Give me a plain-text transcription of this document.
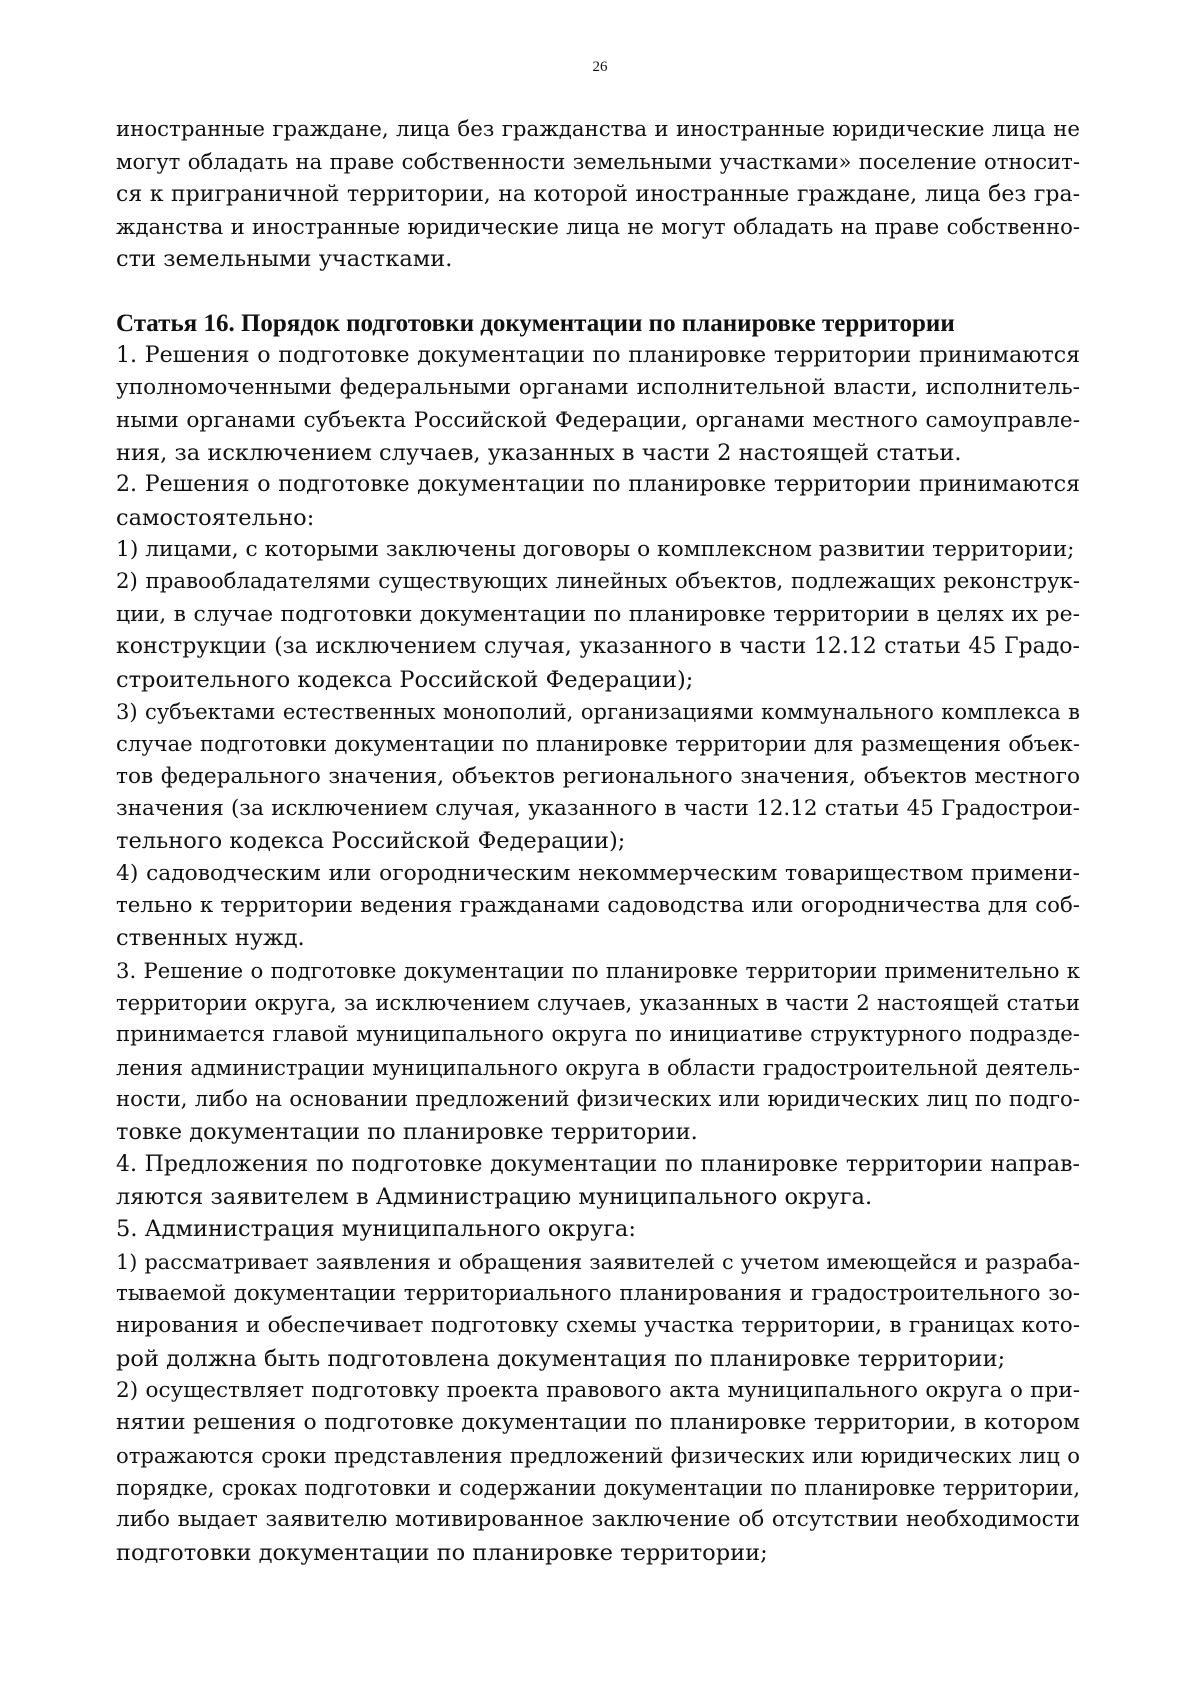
26
иностранные граждане, лица без гражданства и иностранные юридические лица не
могут обладать на праве собственности земельными участками» поселение относит-
ся к приграничной территории, на которой иностранные граждане, лица без гра-
жданства и иностранные юридические лица не могут обладать на праве собственно-
сти земельными участками.
Статья 16. Порядок подготовки документации по планировке территории
1. Решения о подготовке документации по планировке территории принимаются
уполномоченными федеральными органами исполнительной власти, исполнитель-
ными органами субъекта Российской Федерации, органами местного самоуправле-
ния, за исключением случаев, указанных в части 2 настоящей статьи.
2. Решения о подготовке документации по планировке территории принимаются
самостоятельно:
1) лицами, с которыми заключены договоры о комплексном развитии территории;
2) правообладателями существующих линейных объектов, подлежащих реконструк-
ции, в случае подготовки документации по планировке территории в целях их ре-
конструкции (за исключением случая, указанного в части 12.12 статьи 45 Градо-
строительного кодекса Российской Федерации);
3) субъектами естественных монополий, организациями коммунального комплекса в
случае подготовки документации по планировке территории для размещения объек-
тов федерального значения, объектов регионального значения, объектов местного
значения (за исключением случая, указанного в части 12.12 статьи 45 Градострои-
тельного кодекса Российской Федерации);
4) садоводческим или огородническим некоммерческим товариществом примени-
тельно к территории ведения гражданами садоводства или огородничества для соб-
ственных нужд.
3. Решение о подготовке документации по планировке территории применительно к
территории округа, за исключением случаев, указанных в части 2 настоящей статьи
принимается главой муниципального округа по инициативе структурного подразде-
ления администрации муниципального округа в области градостроительной деятель-
ности, либо на основании предложений физических или юридических лиц по подго-
товке документации по планировке территории.
4. Предложения по подготовке документации по планировке территории направ-
ляются заявителем в Администрацию муниципального округа.
5. Администрация муниципального округа:
1) рассматривает заявления и обращения заявителей с учетом имеющейся и разраба-
тываемой документации территориального планирования и градостроительного зо-
нирования и обеспечивает подготовку схемы участка территории, в границах кото-
рой должна быть подготовлена документация по планировке территории;
2) осуществляет подготовку проекта правового акта муниципального округа о при-
нятии решения о подготовке документации по планировке территории, в котором
отражаются сроки представления предложений физических или юридических лиц о
порядке, сроках подготовки и содержании документации по планировке территории,
либо выдает заявителю мотивированное заключение об отсутствии необходимости
подготовки документации по планировке территории;
